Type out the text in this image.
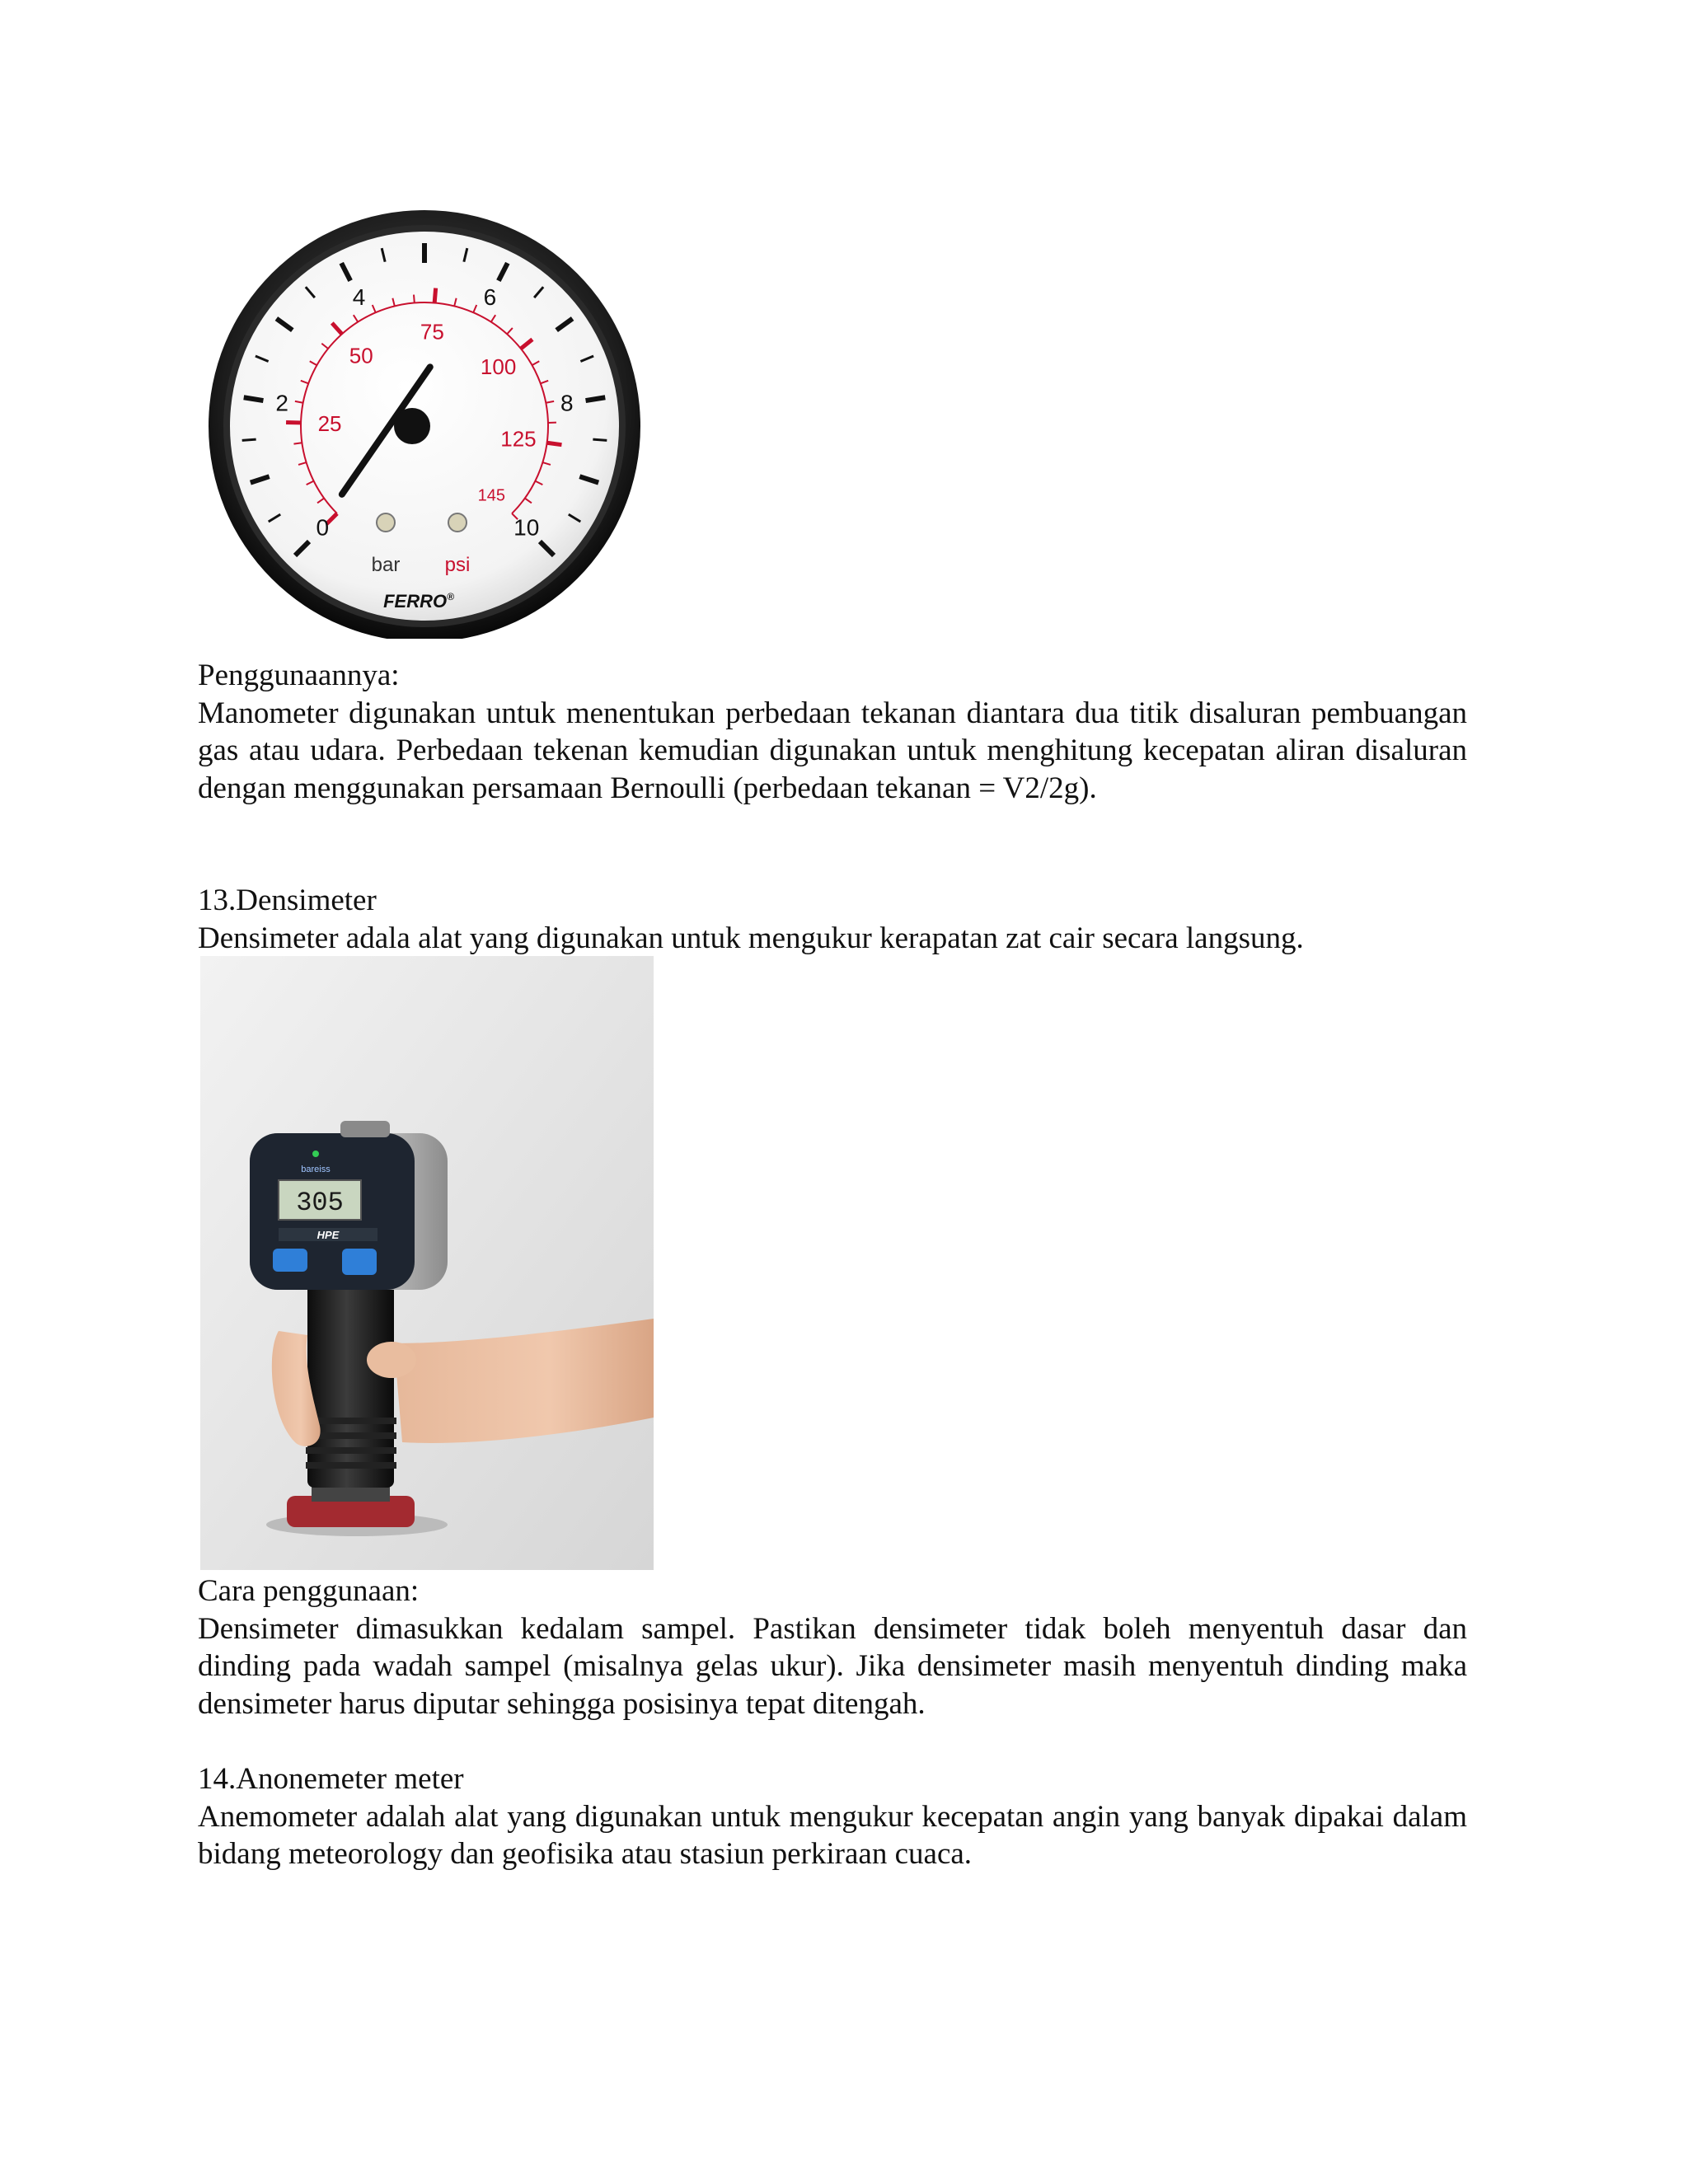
0
2
4	6
8
10
25
50
75
100
125
145
bar psi
FERRO®

Penggunaannya:

Manometer digunakan untuk menentukan perbedaan tekanan diantara dua titik disaluran pembuangan gas atau udara. Perbedaan tekenan kemudian digunakan untuk menghitung kecepatan aliran disaluran dengan menggunakan persamaan Bernoulli (perbedaan tekanan = V2/2g).

13.Densimeter

Densimeter adala alat yang digunakan untuk mengukur kerapatan zat cair secara langsung.

bareiss
305
HPE

Cara penggunaan:

Densimeter dimasukkan kedalam sampel. Pastikan densimeter tidak boleh menyentuh dasar dan dinding pada wadah sampel (misalnya gelas ukur). Jika densimeter masih menyentuh dinding maka densimeter harus diputar sehingga posisinya tepat ditengah.

14.Anonemeter meter

Anemometer adalah alat yang digunakan untuk mengukur kecepatan angin yang banyak dipakai dalam bidang meteorology dan geofisika atau stasiun perkiraan cuaca.
